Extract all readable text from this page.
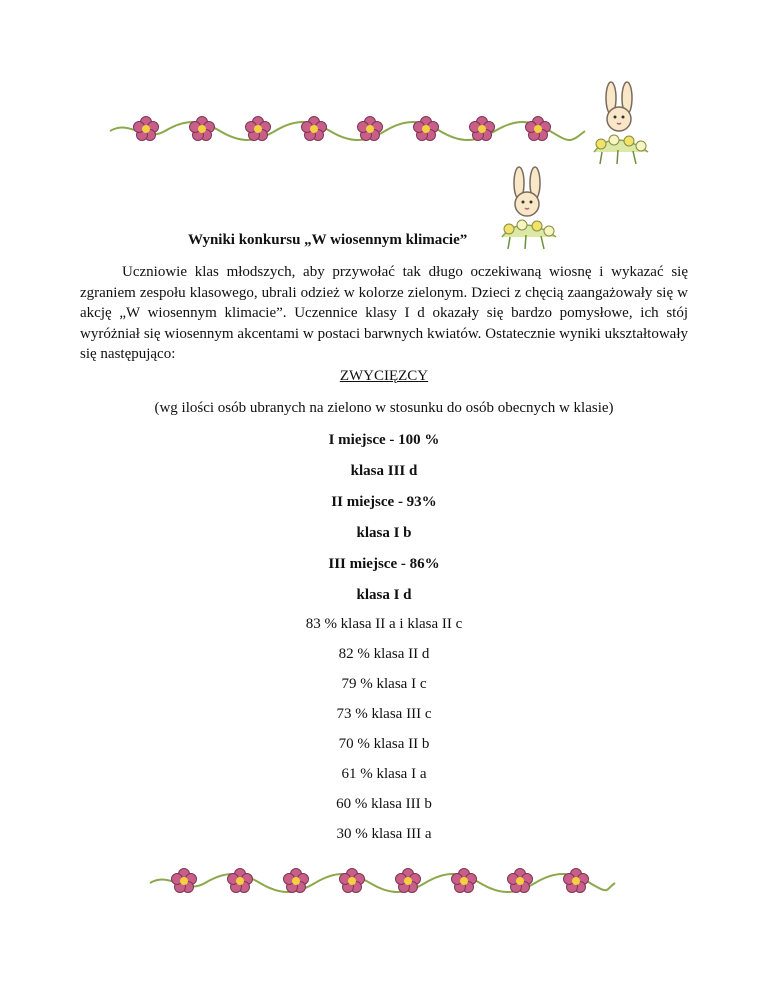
Wyniki konkursu „W wiosennym klimacie”

Uczniowie klas młodszych, aby przywołać tak długo oczekiwaną wiosnę i wykazać się zgraniem zespołu klasowego, ubrali odzież w kolorze zielonym. Dzieci z chęcią zaangażowały się w akcję „W wiosennym klimacie”. Uczennice klasy I d okazały się bardzo pomysłowe, ich stój wyróżniał się wiosennym akcentami w postaci barwnych kwiatów. Ostatecznie wyniki ukształtowały się następująco:

ZWYCIĘZCY
(wg ilości osób ubranych na zielono w stosunku do osób obecnych w klasie)
I miejsce - 100 %
klasa III d
II miejsce - 93%
klasa I b
III miejsce - 86%
klasa I d
83 % klasa II a i klasa II c
82 % klasa II d
79 % klasa I c
73 % klasa III c
70 % klasa II b
61 % klasa I a
60 % klasa III b
30 % klasa III a
